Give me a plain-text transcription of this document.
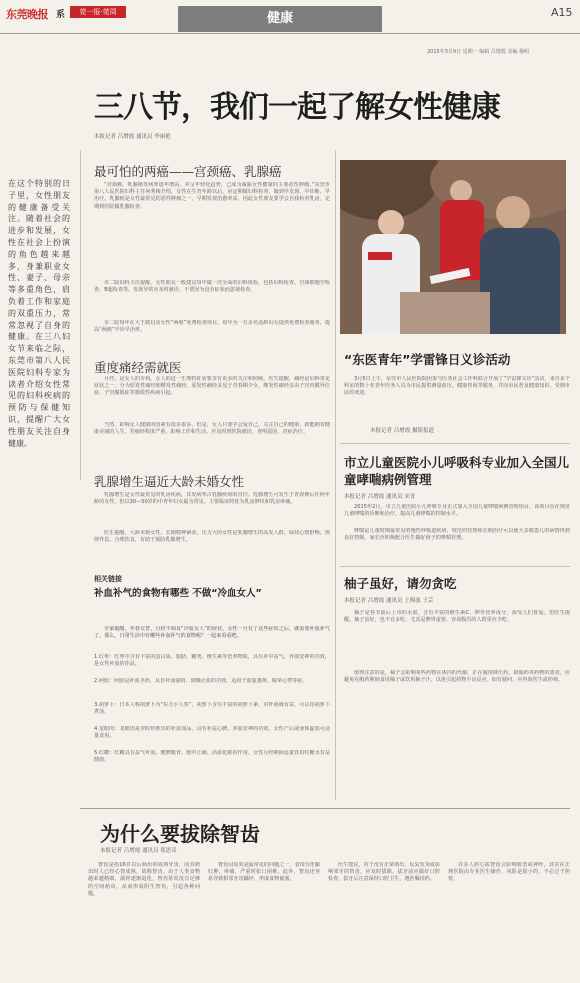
东莞晚报 系	莞一报·莞周	健康	A15
2015年3月9日 星期一 编辑 吕增霞 美编 杨明
三八节，我们一起了解女性健康
本报记者 吕增霞 通讯员 李丽艳
在这个特别的日子里，女性朋友的健康备受关注。随着社会的进步和发展，女性在社会上扮演的角色越来越多，身兼职业女性、妻子、母亲等多重角色，肩负着工作和家庭的双重压力，常常忽视了自身的健康。在三八妇女节来临之际，东莞市第八人民医院妇科专家为读者介绍女性常见的妇科疾病的预防与保健知识，提醒广大女性朋友关注自身健康。
最可怕的两癌——宫颈癌、乳腺癌
“宫颈癌、乳腺癌发病率逐年增高，并呈年轻化趋势，已成为威胁女性健康的主要恶性肿瘤。”东莞市第八人民医院妇科主任何秀梅介绍，女性在生育年龄以后，应定期做妇科检查，做到早发现、早诊断、早治疗。乳腺癌是女性最常见的恶性肿瘤之一，早期发现治愈率高，因此女性朋友要学会自我检查乳房，定期到医院做乳腺检查。
市二院妇科主任提醒，女性朋友一般建议每年做一次全面的妇科体检，包括妇科检查、宫颈细胞学检查、B超检查等。发现异常应及时就诊，不要因为没有症状而忽视检查。
市二院每年在大王镇启动女性“两癌”免费检查项目，每年为一万多名适龄妇女提供免费检查服务，提高“两癌”早诊早治率。
重度痛经需就医
月经，是女人的专利。女人的这一生理特征需要享有更多的关注和照顾。医生提醒，痛经是妇科常见症状之一，分为原发性痛经和继发性痛经。原发性痛经多见于青春期少女，继发性痛经多由子宫内膜异位症、子宫腺肌症等器质性疾病引起。
当然，影响女人健康的因素有很多很多，但是，女人只要学会爱自己，关注自己的健康，就能拥有健康美丽的人生。若痛经程度严重，影响工作和生活，应及时到医院就诊，查明原因，对症治疗。
乳腺增生逼近大龄未婚女性
乳腺增生是女性最常见的乳房疾病，其发病率占乳腺疾病的首位。乳腺增生可发生于青春期后任何年龄的女性，但以30—50岁的中青年妇女最为常见。主要临床特征为乳房肿块和乳房疼痛。
医生提醒，大龄未婚女性、长期精神紧张、压力大的女性是乳腺增生的高发人群。保持心情舒畅、规律作息、合理饮食，有助于预防乳腺增生。
相关链接
补血补气的食物有哪些 不做“冷血女人”
专家提醒，冬春交替，月经不调及“冷血女人”的症状，女性一旦有了这些症状之后，就需要补血补气了，那么，日常生活中有哪些补血补气的食物呢？一起来看看吧。
1.红枣：红枣中含有丰富的蛋白质、脂肪、糖类、维生素等营养物质，具有补中益气、养血安神的功效，是女性补血的佳品。
2.阿胶：阿胶是补血圣药，具有补血滋阴、润燥止血的功效，适用于血虚萎黄、眩晕心悸等症。
3.胡萝卜：日本人称胡萝卜为“东方小人参”，胡萝卜含有丰富的胡萝卜素，对补血极有益，可以用胡萝卜煮汤。
4.龙眼肉：龙眼肉是李时珍推崇的补血食品，具有补益心脾、养血安神的功效，女性产后或身体虚弱可适量食用。
5.红糖：红糖具有益气补血、健脾暖胃、缓中止痛、活血化瘀的作用，女性月经期间适量饮用红糖水有益健康。
“东医青年”学雷锋日义诊活动
3月5日上午，东莞市人民医院院团委与医务社会工作科联合开展了“学雷锋义诊”活动，来自多个科室的数十名青年医务人员为市民提供测量血压、健康咨询等服务，并向市民普及健康知识，受到市民的欢迎。
本报记者 吕增霞 摄影报道
市立儿童医院小儿呼吸科专业加入全国儿童哮喘病例管理
本报记者 吕增霞 通讯员 宋青
2015年2月，市立儿童医院小儿呼吸专业正式加入全国儿童哮喘病例管理项目。该项目旨在规范儿童哮喘的诊断和治疗，提高儿童哮喘的控制水平。
哮喘是儿童时期最常见的慢性呼吸道疾病，规范的管理和长期治疗可以使大多数患儿的病情得到良好控制，家长应积极配合医生做好孩子的哮喘管理。
柚子虽好，请勿贪吃
本报记者 吕增霞 通讯员 王梅波 王芸
柚子是春节前后上市的水果，含有丰富的维生素C、钾等营养成分，深受人们喜爱。但医生提醒，柚子虽好，也不宜多吃，尤其是脾胃虚寒、容易腹泻的人群更应少吃。
值得注意的是，柚子会影响某些药物在体内的代谢，正在服用降压药、降脂药等药物的患者，应避免在服药期间食用柚子或饮用柚子汁，以免引起药物不良反应。如有疑问，应咨询医生或药师。
为什么要拔除智齿
本报记者 吕增霞 通讯员 郑思奇
智齿是指16岁以后萌出的成熟牙齿，因其萌出时人已经心智成熟，故称智齿。由于人类食物越来越精细，颌骨逐渐退化，智齿常常没有足够的空间萌出，从而形成阻生智齿，引起各种问题。
智齿冠周炎是最常见的问题之一，表现为牙龈红肿、疼痛，严重时张口困难。此外，智齿还容易导致相邻牙齿龋坏，形成食物嵌塞。
医生建议，对于没有正常萌出、反复发炎或影响邻牙的智齿，应及时拔除。拔牙前应做好口腔检查，拔牙后注意保持口腔卫生，遵医嘱用药。
许多人担心拔智齿会影响脸型或神经，其实在正规医院由专业医生操作，风险是很小的，不必过于担忧。
